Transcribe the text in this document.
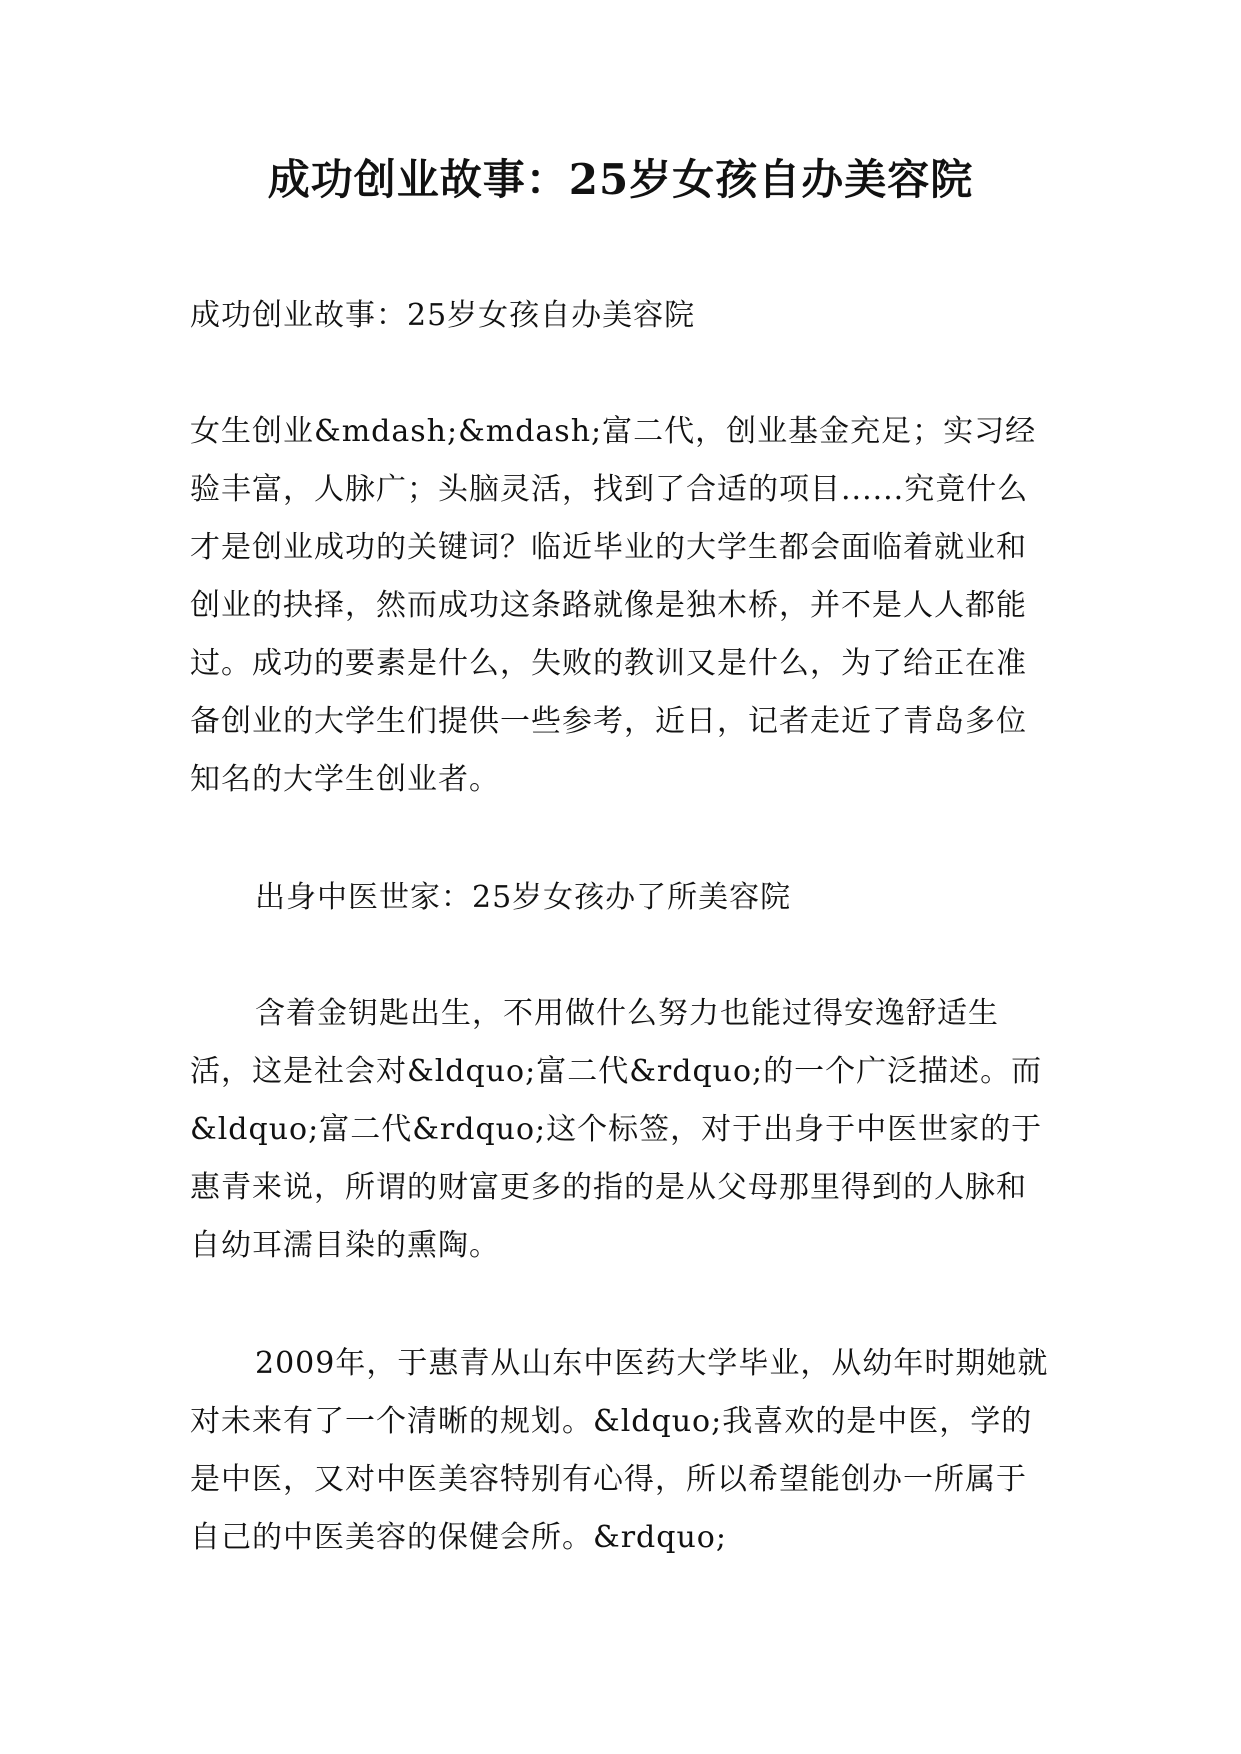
成功创业故事：25岁女孩自办美容院

成功创业故事：25岁女孩自办美容院

女生创业&mdash;&mdash;富二代，创业基金充足；实习经验丰富，人脉广；头脑灵活，找到了合适的项目......究竟什么才是创业成功的关键词？临近毕业的大学生都会面临着就业和创业的抉择，然而成功这条路就像是独木桥，并不是人人都能过。成功的要素是什么，失败的教训又是什么，为了给正在准备创业的大学生们提供一些参考，近日，记者走近了青岛多位知名的大学生创业者。

出身中医世家：25岁女孩办了所美容院

含着金钥匙出生，不用做什么努力也能过得安逸舒适生活，这是社会对&ldquo;富二代&rdquo;的一个广泛描述。而&ldquo;富二代&rdquo;这个标签，对于出身于中医世家的于惠青来说，所谓的财富更多的指的是从父母那里得到的人脉和自幼耳濡目染的熏陶。

2009年，于惠青从山东中医药大学毕业，从幼年时期她就对未来有了一个清晰的规划。&ldquo;我喜欢的是中医，学的是中医，又对中医美容特别有心得，所以希望能创办一所属于自己的中医美容的保健会所。&rdquo;
